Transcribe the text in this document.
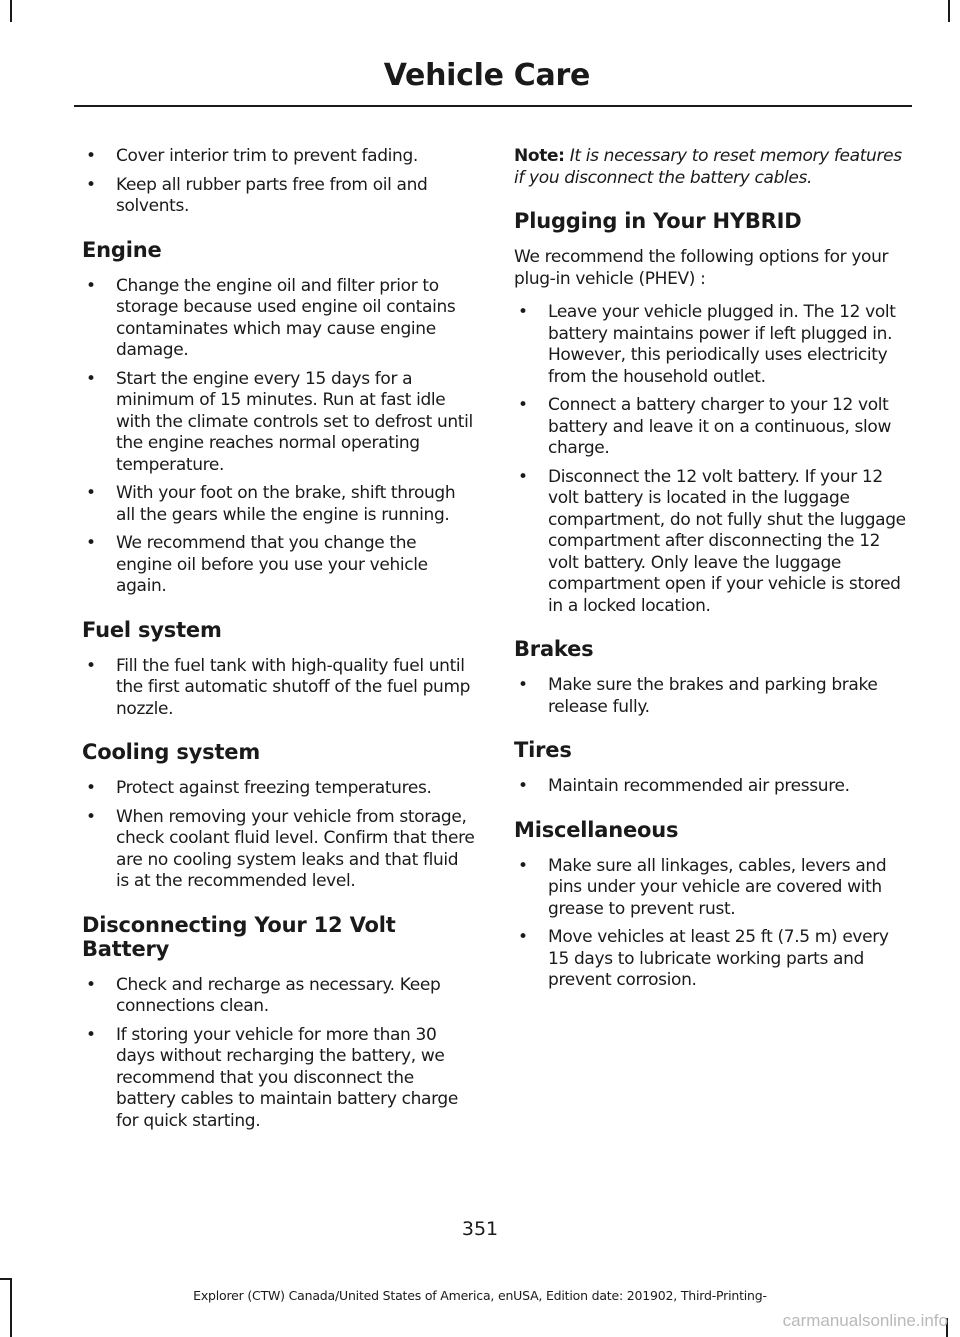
Vehicle Care
• Cover interior trim to prevent fading.
• Keep all rubber parts free from oil and solvents.
Engine
• Change the engine oil and filter prior to storage because used engine oil contains contaminates which may cause engine damage.
• Start the engine every 15 days for a minimum of 15 minutes. Run at fast idle with the climate controls set to defrost until the engine reaches normal operating temperature.
• With your foot on the brake, shift through all the gears while the engine is running.
• We recommend that you change the engine oil before you use your vehicle again.
Fuel system
• Fill the fuel tank with high-quality fuel until the first automatic shutoff of the fuel pump nozzle.
Cooling system
• Protect against freezing temperatures.
• When removing your vehicle from storage, check coolant fluid level. Confirm that there are no cooling system leaks and that fluid is at the recommended level.
Disconnecting Your 12 Volt Battery
• Check and recharge as necessary. Keep connections clean.
• If storing your vehicle for more than 30 days without recharging the battery, we recommend that you disconnect the battery cables to maintain battery charge for quick starting.

Note: It is necessary to reset memory features if you disconnect the battery cables.

Plugging in Your HYBRID

We recommend the following options for your plug-in vehicle (PHEV) :

• Leave your vehicle plugged in. The 12 volt battery maintains power if left plugged in. However, this periodically uses electricity from the household outlet.
• Connect a battery charger to your 12 volt battery and leave it on a continuous, slow charge.
• Disconnect the 12 volt battery. If your 12 volt battery is located in the luggage compartment, do not fully shut the luggage compartment after disconnecting the 12 volt battery. Only leave the luggage compartment open if your vehicle is stored in a locked location.
Brakes
• Make sure the brakes and parking brake release fully.
Tires
• Maintain recommended air pressure.
Miscellaneous
• Make sure all linkages, cables, levers and pins under your vehicle are covered with grease to prevent rust.
• Move vehicles at least 25 ft (7.5 m) every 15 days to lubricate working parts and prevent corrosion.
351
Explorer (CTW) Canada/United States of America, enUSA, Edition date: 201902, Third-Printing-
carmanualsonline.info
